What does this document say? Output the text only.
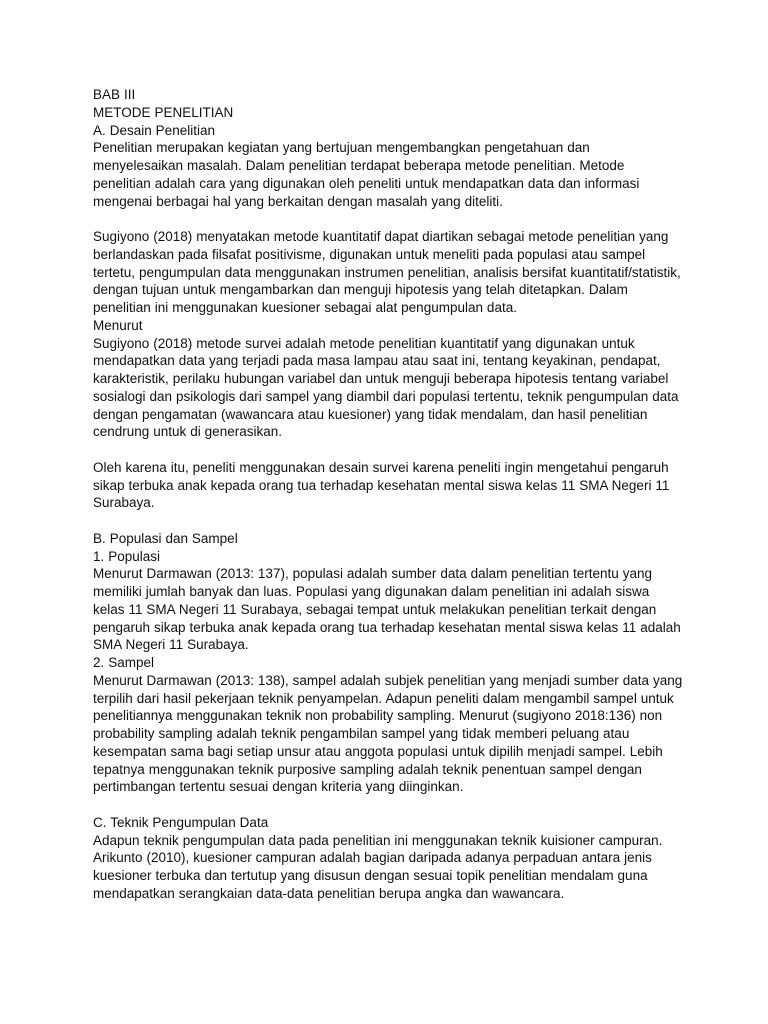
BAB III

METODE PENELITIAN

A. Desain Penelitian

Penelitian merupakan kegiatan yang bertujuan mengembangkan pengetahuan dan menyelesaikan masalah. Dalam penelitian terdapat beberapa metode penelitian. Metode penelitian adalah cara yang digunakan oleh peneliti untuk mendapatkan data dan informasi mengenai berbagai hal yang berkaitan dengan masalah yang diteliti.

Sugiyono (2018) menyatakan metode kuantitatif dapat diartikan sebagai metode penelitian yang berlandaskan pada filsafat positivisme, digunakan untuk meneliti pada populasi atau sampel tertetu, pengumpulan data menggunakan instrumen penelitian, analisis bersifat kuantitatif/statistik, dengan tujuan untuk mengambarkan dan menguji hipotesis yang telah ditetapkan. Dalam penelitian ini menggunakan kuesioner sebagai alat pengumpulan data.

Menurut

Sugiyono (2018) metode survei adalah metode penelitian kuantitatif yang digunakan untuk mendapatkan data yang terjadi pada masa lampau atau saat ini, tentang keyakinan, pendapat, karakteristik, perilaku hubungan variabel dan untuk menguji beberapa hipotesis tentang variabel sosialogi dan psikologis dari sampel yang diambil dari populasi tertentu, teknik pengumpulan data dengan pengamatan (wawancara atau kuesioner) yang tidak mendalam, dan hasil penelitian cendrung untuk di generasikan.

Oleh karena itu, peneliti menggunakan desain survei karena peneliti ingin mengetahui pengaruh sikap terbuka anak kepada orang tua terhadap kesehatan mental siswa kelas 11 SMA Negeri 11 Surabaya.

B. Populasi dan Sampel

1. Populasi

Menurut Darmawan (2013: 137), populasi adalah sumber data dalam penelitian tertentu yang memiliki jumlah banyak dan luas. Populasi yang digunakan dalam penelitian ini adalah siswa kelas 11 SMA Negeri 11 Surabaya, sebagai tempat untuk melakukan penelitian terkait dengan pengaruh sikap terbuka anak kepada orang tua terhadap kesehatan mental siswa kelas 11 adalah SMA Negeri 11 Surabaya.

2. Sampel

Menurut Darmawan (2013: 138), sampel adalah subjek penelitian yang menjadi sumber data yang terpilih dari hasil pekerjaan teknik penyampelan. Adapun peneliti dalam mengambil sampel untuk penelitiannya menggunakan teknik non probability sampling. Menurut (sugiyono 2018:136) non probability sampling adalah teknik pengambilan sampel yang tidak memberi peluang atau kesempatan sama bagi setiap unsur atau anggota populasi untuk dipilih menjadi sampel. Lebih tepatnya menggunakan teknik purposive sampling adalah teknik penentuan sampel dengan pertimbangan tertentu sesuai dengan kriteria yang diinginkan.

C. Teknik Pengumpulan Data

Adapun teknik pengumpulan data pada penelitian ini menggunakan teknik kuisioner campuran. Arikunto (2010), kuesioner campuran adalah bagian daripada adanya perpaduan antara jenis kuesioner terbuka dan tertutup yang disusun dengan sesuai topik penelitian mendalam guna mendapatkan serangkaian data-data penelitian berupa angka dan wawancara.
